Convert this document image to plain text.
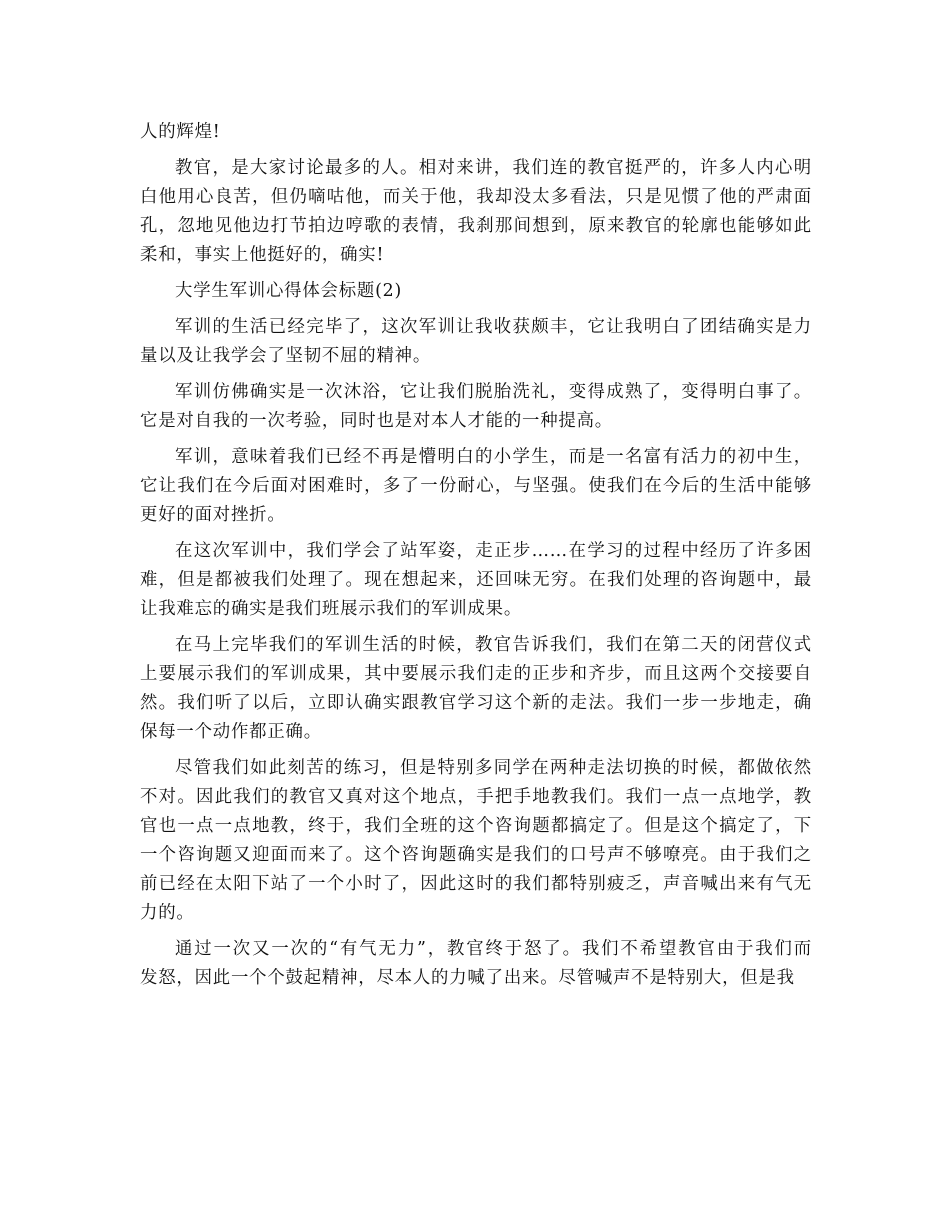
人的辉煌!
教官，是大家讨论最多的人。相对来讲，我们连的教官挺严的，许多人内心明
白他用心良苦，但仍嘀咕他，而关于他，我却没太多看法，只是见惯了他的严肃面
孔，忽地见他边打节拍边哼歌的表情，我刹那间想到，原来教官的轮廓也能够如此
柔和，事实上他挺好的，确实!
大学生军训心得体会标题(2)
军训的生活已经完毕了，这次军训让我收获颇丰，它让我明白了团结确实是力
量以及让我学会了坚韧不屈的精神。
军训仿佛确实是一次沐浴，它让我们脱胎洗礼，变得成熟了，变得明白事了。
它是对自我的一次考验，同时也是对本人才能的一种提高。
军训，意味着我们已经不再是懵明白的小学生，而是一名富有活力的初中生，
它让我们在今后面对困难时，多了一份耐心，与坚强。使我们在今后的生活中能够
更好的面对挫折。
在这次军训中，我们学会了站军姿，走正步……在学习的过程中经历了许多困
难，但是都被我们处理了。现在想起来，还回味无穷。在我们处理的咨询题中，最
让我难忘的确实是我们班展示我们的军训成果。
在马上完毕我们的军训生活的时候，教官告诉我们，我们在第二天的闭营仪式
上要展示我们的军训成果，其中要展示我们走的正步和齐步，而且这两个交接要自
然。我们听了以后，立即认确实跟教官学习这个新的走法。我们一步一步地走，确
保每一个动作都正确。
尽管我们如此刻苦的练习，但是特别多同学在两种走法切换的时候，都做依然
不对。因此我们的教官又真对这个地点，手把手地教我们。我们一点一点地学，教
官也一点一点地教，终于，我们全班的这个咨询题都搞定了。但是这个搞定了，下
一个咨询题又迎面而来了。这个咨询题确实是我们的口号声不够嘹亮。由于我们之
前已经在太阳下站了一个小时了，因此这时的我们都特别疲乏，声音喊出来有气无
力的。
通过一次又一次的“有气无力”，教官终于怒了。我们不希望教官由于我们而
发怒，因此一个个鼓起精神，尽本人的力喊了出来。尽管喊声不是特别大，但是我
